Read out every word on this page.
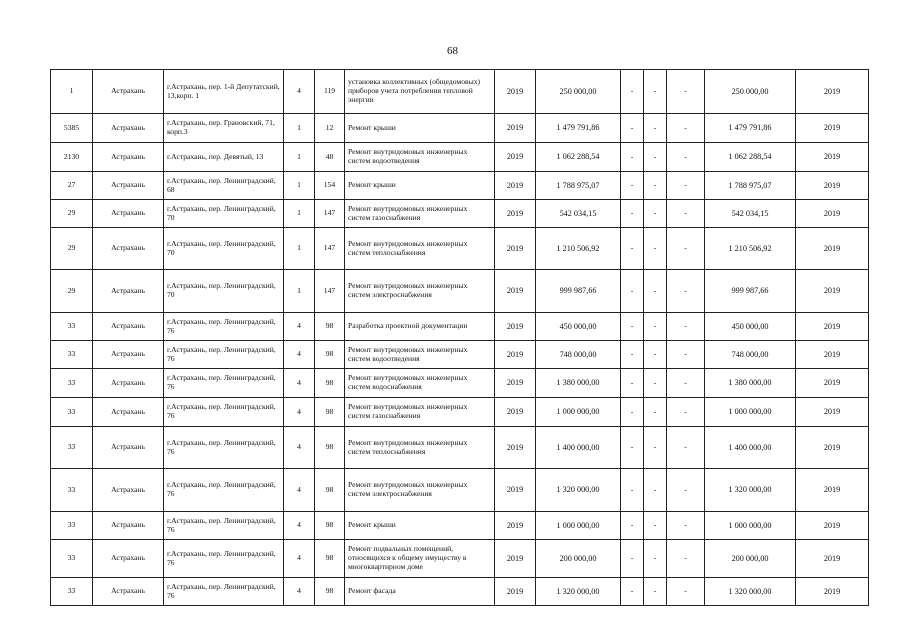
68
1	Астрахань	г.Астрахань, пер. 1-й Депутатский, 13,корп. 1	4	119	установка коллективных (общедомовых) приборов учета потребления тепловой энергии	2019	250 000,00	-	-	-	250 000,00	2019
5385	Астрахань	г.Астрахань, пер. Грановский, 71, корп.3	1	12	Ремонт крыши	2019	1 479 791,86	-	-	-	1 479 791,86	2019
2130	Астрахань	г.Астрахань, пер. Девятый, 13	1	48	Ремонт внутридомовых инженерных систем водоотведения	2019	1 062 288,54	-	-	-	1 062 288,54	2019
27	Астрахань	г.Астрахань, пер. Ленинградский, 68	1	154	Ремонт крыши	2019	1 788 975,07	-	-	-	1 788 975,07	2019
29	Астрахань	г.Астрахань, пер. Ленинградский, 70	1	147	Ремонт внутридомовых инженерных систем газоснабжения	2019	542 034,15	-	-	-	542 034,15	2019
29	Астрахань	г.Астрахань, пер. Ленинградский, 70	1	147	Ремонт внутридомовых инженерных систем теплоснабжения	2019	1 210 506,92	-	-	-	1 210 506,92	2019
29	Астрахань	г.Астрахань, пер. Ленинградский, 70	1	147	Ремонт внутридомовых инженерных систем электроснабжения	2019	999 987,66	-	-	-	999 987,66	2019
33	Астрахань	г.Астрахань, пер. Ленинградский, 76	4	98	Разработка проектной документации	2019	450 000,00	-	-	-	450 000,00	2019
33	Астрахань	г.Астрахань, пер. Ленинградский, 76	4	98	Ремонт внутридомовых инженерных систем водоотведения	2019	748 000,00	-	-	-	748 000,00	2019
33	Астрахань	г.Астрахань, пер. Ленинградский, 76	4	98	Ремонт внутридомовых инженерных систем водоснабжения	2019	1 380 000,00	-	-	-	1 380 000,00	2019
33	Астрахань	г.Астрахань, пер. Ленинградский, 76	4	98	Ремонт внутридомовых инженерных систем газоснабжения	2019	1 000 000,00	-	-	-	1 000 000,00	2019
33	Астрахань	г.Астрахань, пер. Ленинградский, 76	4	98	Ремонт внутридомовых инженерных систем теплоснабжения	2019	1 400 000,00	-	-	-	1 400 000,00	2019
33	Астрахань	г.Астрахань, пер. Ленинградский, 76	4	98	Ремонт внутридомовых инженерных систем электроснабжения	2019	1 320 000,00	-	-	-	1 320 000,00	2019
33	Астрахань	г.Астрахань, пер. Ленинградский, 76	4	98	Ремонт крыши	2019	1 000 000,00	-	-	-	1 000 000,00	2019
33	Астрахань	г.Астрахань, пер. Ленинградский, 76	4	98	Ремонт подвальных помещений, относящихся к общему имуществу в многоквартирном доме	2019	200 000,00	-	-	-	200 000,00	2019
33	Астрахань	г.Астрахань, пер. Ленинградский, 76	4	98	Ремонт фасада	2019	1 320 000,00	-	-	-	1 320 000,00	2019
